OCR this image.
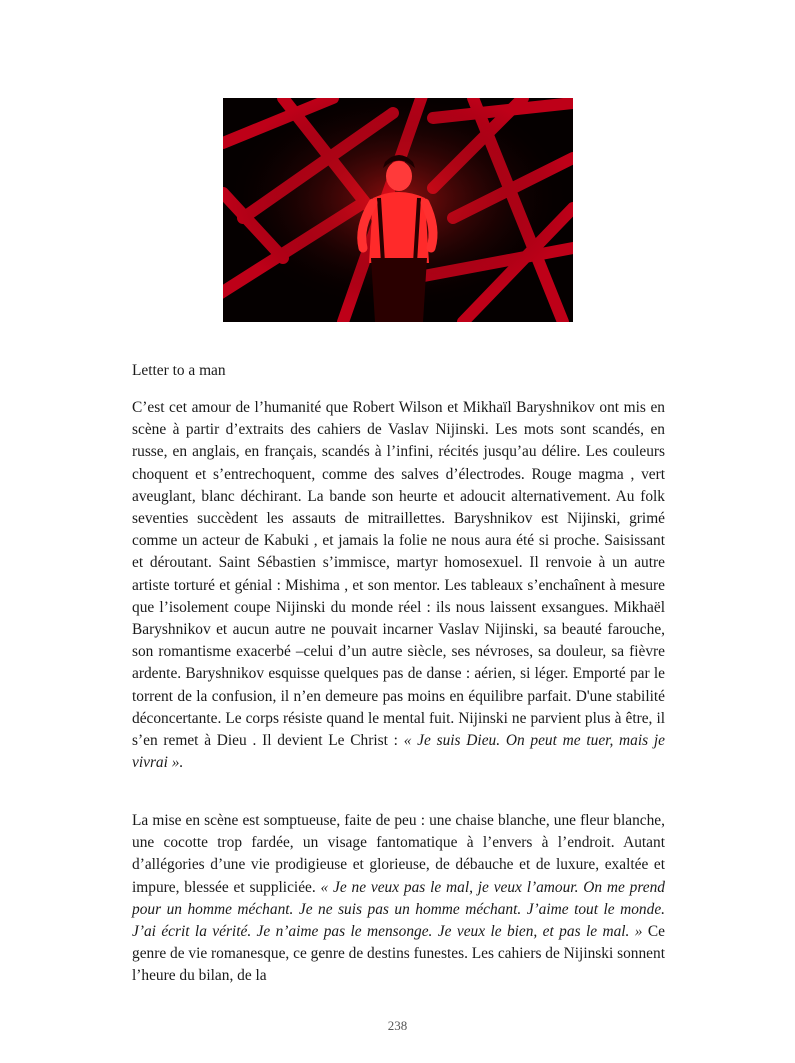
Letter to a man

C’est cet amour de l’humanité que Robert Wilson et Mikhaïl Baryshnikov ont mis en scène à partir d’extraits des cahiers de Vaslav Nijinski. Les mots sont scandés, en russe, en anglais, en français, scandés à l’infini, récités jusqu’au délire. Les couleurs choquent et s’entrechoquent, comme des salves d’électrodes. Rouge magma , vert aveuglant, blanc déchirant. La bande son heurte et adoucit alternativement. Au folk seventies succèdent les assauts de mitraillettes. Baryshnikov est Nijinski, grimé comme un acteur de Kabuki , et jamais la folie ne nous aura été si proche. Saisissant et déroutant. Saint Sébastien s’immisce, martyr homosexuel. Il renvoie à un autre artiste torturé et génial : Mishima , et son mentor. Les tableaux s’enchaînent à mesure que l’isolement coupe Nijinski du monde réel : ils nous laissent exsangues. Mikhaël Baryshnikov et aucun autre ne pouvait incarner Vaslav Nijinski, sa beauté farouche, son romantisme exacerbé –celui d’un autre siècle, ses névroses, sa douleur, sa fièvre ardente. Baryshnikov esquisse quelques pas de danse : aérien, si léger. Emporté par le torrent de la confusion, il n’en demeure pas moins en équilibre parfait. D'une stabilité déconcertante. Le corps résiste quand le mental fuit. Nijinski ne parvient plus à être, il s’en remet à Dieu . Il devient Le Christ : « Je suis Dieu. On peut me tuer, mais je vivrai ».

La mise en scène est somptueuse, faite de peu : une chaise blanche, une fleur blanche, une cocotte trop fardée, un visage fantomatique à l’envers à l’endroit. Autant d’allégories d’une vie prodigieuse et glorieuse, de débauche et de luxure, exaltée et impure, blessée et suppliciée. « Je ne veux pas le mal, je veux l’amour. On me prend pour un homme méchant. Je ne suis pas un homme méchant. J’aime tout le monde. J’ai écrit la vérité. Je n’aime pas le mensonge. Je veux le bien, et pas le mal. » Ce genre de vie romanesque, ce genre de destins funestes. Les cahiers de Nijinski sonnent l’heure du bilan, de la

238
